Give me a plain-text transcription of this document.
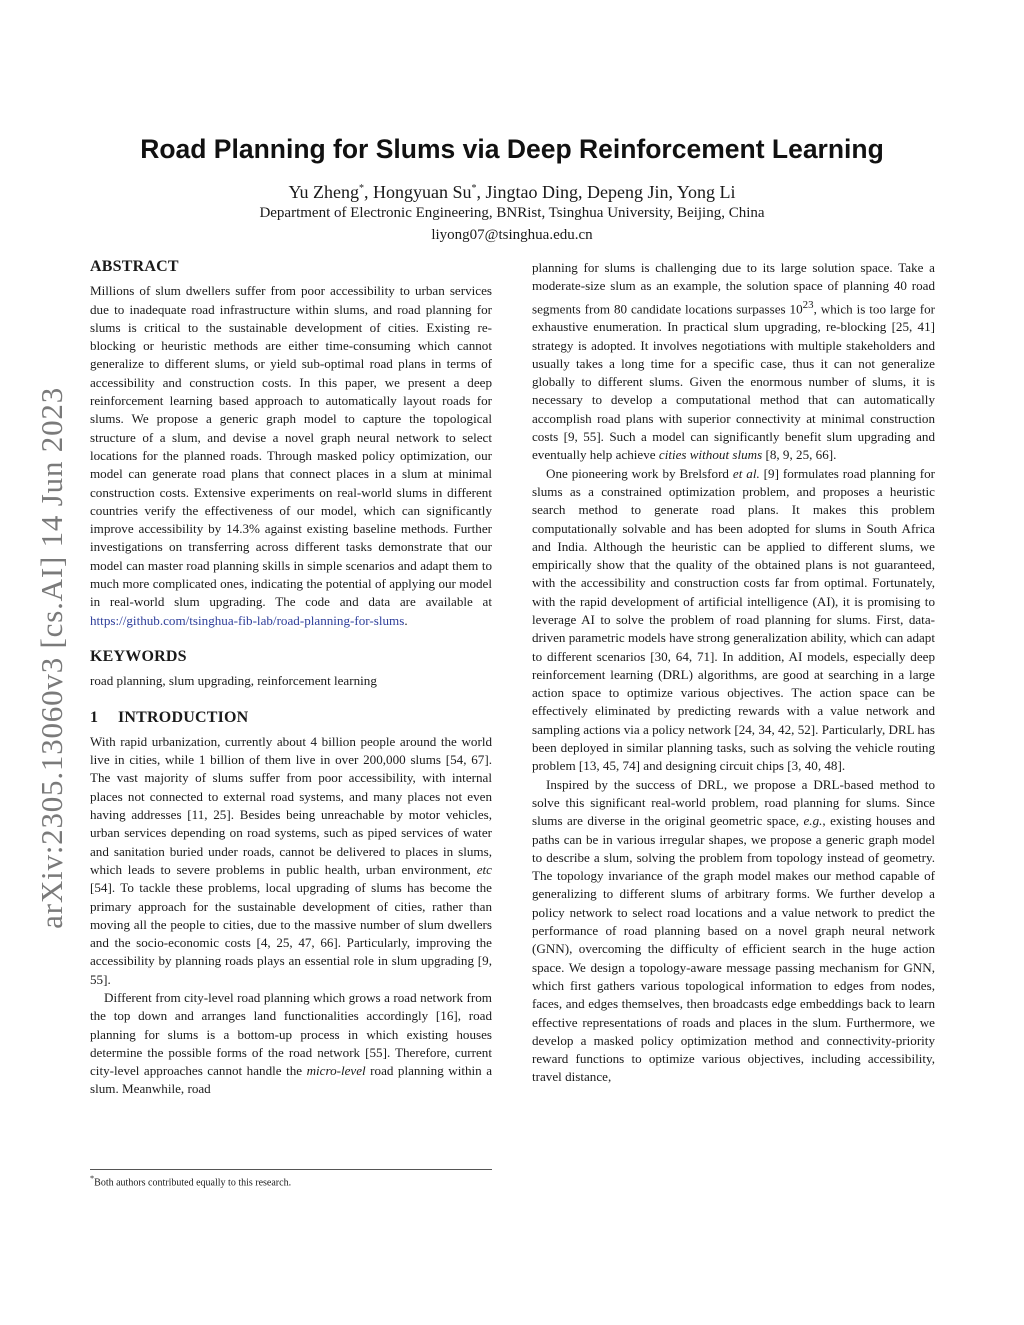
arXiv:2305.13060v3 [cs.AI] 14 Jun 2023
Road Planning for Slums via Deep Reinforcement Learning
Yu Zheng*, Hongyuan Su*, Jingtao Ding, Depeng Jin, Yong Li
Department of Electronic Engineering, BNRist, Tsinghua University, Beijing, China
liyong07@tsinghua.edu.cn
ABSTRACT

Millions of slum dwellers suffer from poor accessibility to urban services due to inadequate road infrastructure within slums, and road planning for slums is critical to the sustainable development of cities. Existing re-blocking or heuristic methods are either time-consuming which cannot generalize to different slums, or yield sub-optimal road plans in terms of accessibility and construction costs. In this paper, we present a deep reinforcement learning based approach to automatically layout roads for slums. We propose a generic graph model to capture the topological structure of a slum, and devise a novel graph neural network to select locations for the planned roads. Through masked policy optimization, our model can generate road plans that connect places in a slum at minimal construction costs. Extensive experiments on real-world slums in different countries verify the effectiveness of our model, which can significantly improve accessibility by 14.3% against existing baseline methods. Further investigations on transferring across different tasks demonstrate that our model can master road planning skills in simple scenarios and adapt them to much more complicated ones, indicating the potential of applying our model in real-world slum upgrading. The code and data are available at https://github.com/tsinghua-fib-lab/road-planning-for-slums.

KEYWORDS

road planning, slum upgrading, reinforcement learning

1 INTRODUCTION

With rapid urbanization, currently about 4 billion people around the world live in cities, while 1 billion of them live in over 200,000 slums [54, 67]. The vast majority of slums suffer from poor accessibility, with internal places not connected to external road systems, and many places not even having addresses [11, 25]. Besides being unreachable by motor vehicles, urban services depending on road systems, such as piped services of water and sanitation buried under roads, cannot be delivered to places in slums, which leads to severe problems in public health, urban environment, etc [54]. To tackle these problems, local upgrading of slums has become the primary approach for the sustainable development of cities, rather than moving all the people to cities, due to the massive number of slum dwellers and the socio-economic costs [4, 25, 47, 66]. Particularly, improving the accessibility by planning roads plays an essential role in slum upgrading [9, 55].

Different from city-level road planning which grows a road network from the top down and arranges land functionalities accordingly [16], road planning for slums is a bottom-up process in which existing houses determine the possible forms of the road network [55]. Therefore, current city-level approaches cannot handle the micro-level road planning within a slum. Meanwhile, road

planning for slums is challenging due to its large solution space. Take a moderate-size slum as an example, the solution space of planning 40 road segments from 80 candidate locations surpasses $10^{23}$, which is too large for exhaustive enumeration. In practical slum upgrading, re-blocking [25, 41] strategy is adopted. It involves negotiations with multiple stakeholders and usually takes a long time for a specific case, thus it can not generalize globally to different slums. Given the enormous number of slums, it is necessary to develop a computational method that can automatically accomplish road plans with superior connectivity at minimal construction costs [9, 55]. Such a model can significantly benefit slum upgrading and eventually help achieve cities without slums [8, 9, 25, 66].

One pioneering work by Brelsford et al. [9] formulates road planning for slums as a constrained optimization problem, and proposes a heuristic search method to generate road plans. It makes this problem computationally solvable and has been adopted for slums in South Africa and India. Although the heuristic can be applied to different slums, we empirically show that the quality of the obtained plans is not guaranteed, with the accessibility and construction costs far from optimal. Fortunately, with the rapid development of artificial intelligence (AI), it is promising to leverage AI to solve the problem of road planning for slums. First, data-driven parametric models have strong generalization ability, which can adapt to different scenarios [30, 64, 71]. In addition, AI models, especially deep reinforcement learning (DRL) algorithms, are good at searching in a large action space to optimize various objectives. The action space can be effectively eliminated by predicting rewards with a value network and sampling actions via a policy network [24, 34, 42, 52]. Particularly, DRL has been deployed in similar planning tasks, such as solving the vehicle routing problem [13, 45, 74] and designing circuit chips [3, 40, 48].

Inspired by the success of DRL, we propose a DRL-based method to solve this significant real-world problem, road planning for slums. Since slums are diverse in the original geometric space, e.g., existing houses and paths can be in various irregular shapes, we propose a generic graph model to describe a slum, solving the problem from topology instead of geometry. The topology invariance of the graph model makes our method capable of generalizing to different slums of arbitrary forms. We further develop a policy network to select road locations and a value network to predict the performance of road planning based on a novel graph neural network (GNN), overcoming the difficulty of efficient search in the huge action space. We design a topology-aware message passing mechanism for GNN, which first gathers various topological information to edges from nodes, faces, and edges themselves, then broadcasts edge embeddings back to learn effective representations of roads and places in the slum. Furthermore, we develop a masked policy optimization method and connectivity-priority reward functions to optimize various objectives, including accessibility, travel distance,

*Both authors contributed equally to this research.
